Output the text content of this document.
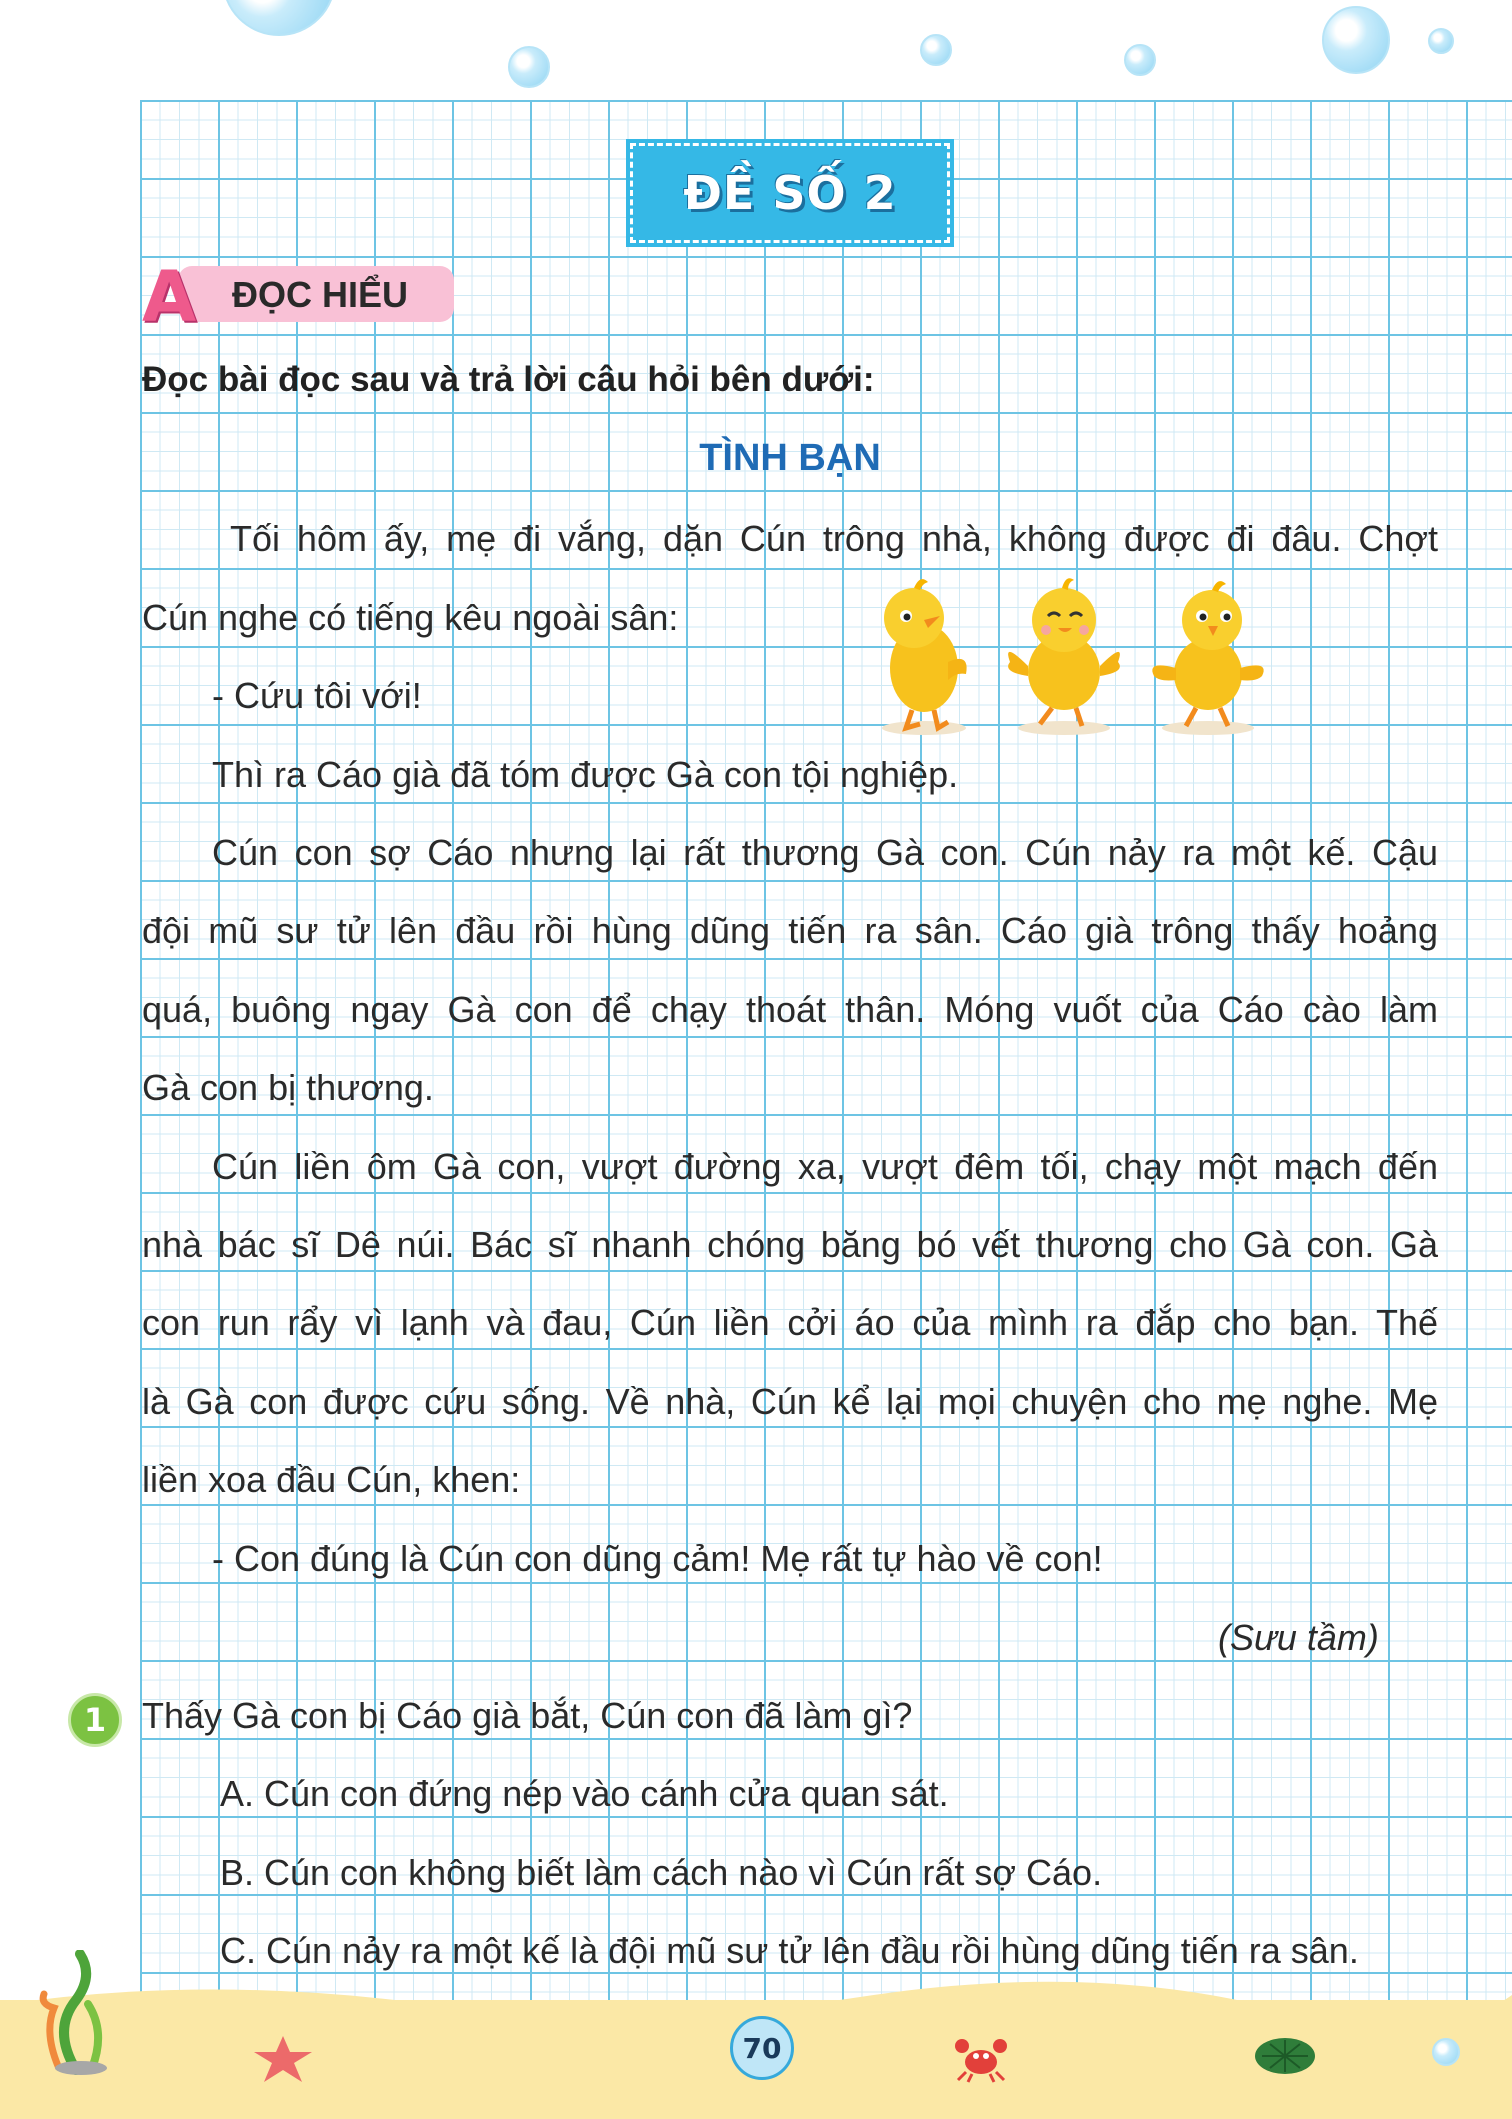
ĐỀ SỐ 2
A ĐỌC HIỂU
Đọc bài đọc sau và trả lời câu hỏi bên dưới:
TÌNH BẠN
Tối hôm ấy, mẹ đi vắng, dặn Cún trông nhà, không được đi đâu. Chợt
Cún nghe có tiếng kêu ngoài sân:
- Cứu tôi với!
Thì ra Cáo già đã tóm được Gà con tội nghiệp.
Cún con sợ Cáo nhưng lại rất thương Gà con. Cún nảy ra một kế. Cậu
đội mũ sư tử lên đầu rồi hùng dũng tiến ra sân. Cáo già trông thấy hoảng
quá, buông ngay Gà con để chạy thoát thân. Móng vuốt của Cáo cào làm
Gà con bị thương.
Cún liền ôm Gà con, vượt đường xa, vượt đêm tối, chạy một mạch đến
nhà bác sĩ Dê núi. Bác sĩ nhanh chóng băng bó vết thương cho Gà con. Gà
con run rẩy vì lạnh và đau, Cún liền cởi áo của mình ra đắp cho bạn. Thế
là Gà con được cứu sống. Về nhà, Cún kể lại mọi chuyện cho mẹ nghe. Mẹ
liền xoa đầu Cún, khen:
- Con đúng là Cún con dũng cảm! Mẹ rất tự hào về con!
(Sưu tầm)
1 Thấy Gà con bị Cáo già bắt, Cún con đã làm gì?
A. Cún con đứng nép vào cánh cửa quan sát.
B. Cún con không biết làm cách nào vì Cún rất sợ Cáo.
C. Cún nảy ra một kế là đội mũ sư tử lên đầu rồi hùng dũng tiến ra sân.
70
